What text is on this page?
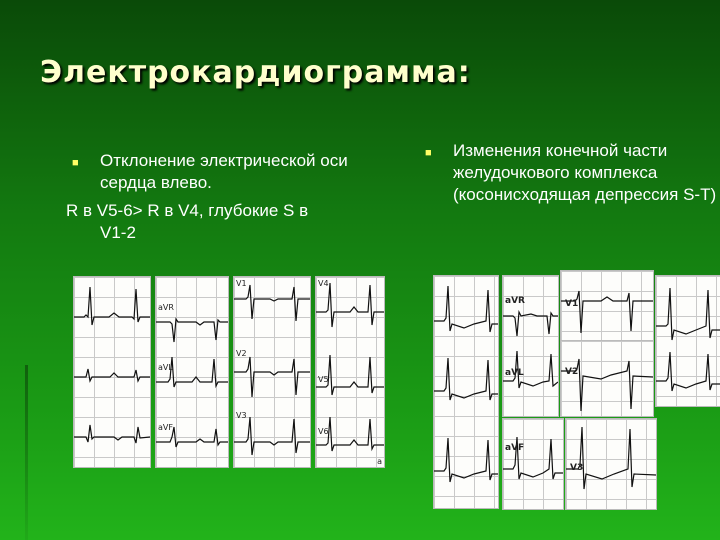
Электрокардиограмма:
■	Отклонение электрической оси сердца влево.
R в V5-6> R в V4, глубокие S в
V1-2
■	Изменения конечной части желудочкового комплекса (косонисходящая депрессия S-T)
aVR
aVL
aVF
V1
V2
V3
V4
V5
V6
a
aVR
aVL
V1
V2
aVF
V3
